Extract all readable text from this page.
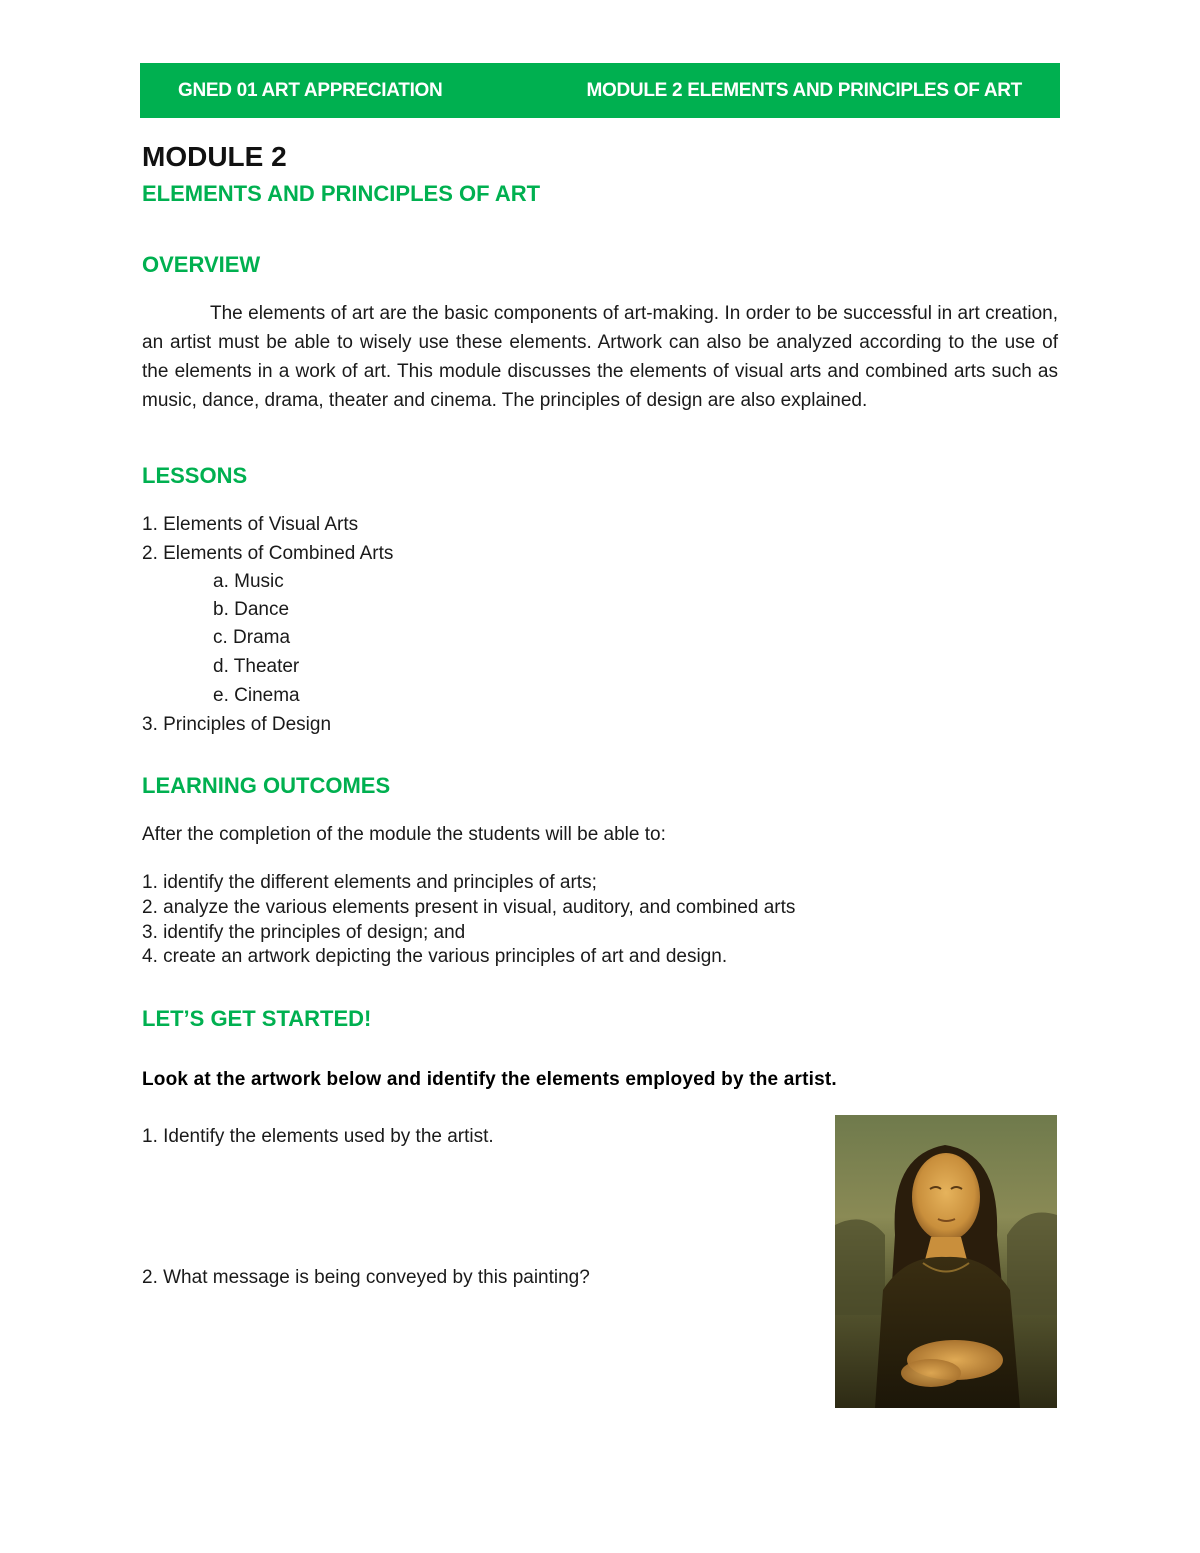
GNED 01 ART APPRECIATION	MODULE 2 ELEMENTS AND PRINCIPLES OF ART
MODULE 2
ELEMENTS AND PRINCIPLES OF ART
OVERVIEW
The elements of art are the basic components of art-making. In order to be successful in art creation, an artist must be able to wisely use these elements. Artwork can also be analyzed according to the use of the elements in a work of art. This module discusses the elements of visual arts and combined arts such as music, dance, drama, theater and cinema. The principles of design are also explained.
LESSONS
1. Elements of Visual Arts
2. Elements of Combined Arts
a. Music
b. Dance
c. Drama
d. Theater
e. Cinema
3. Principles of Design
LEARNING OUTCOMES
After the completion of the module the students will be able to:
1. identify the different elements and principles of arts;
2. analyze the various elements present in visual, auditory, and combined arts
3. identify the principles of design; and
4. create an artwork depicting the various principles of art and design.
LET’S GET STARTED!
Look at the artwork below and identify the elements employed by the artist.
1. Identify the elements used by the artist.
2. What message is being conveyed by this painting?
